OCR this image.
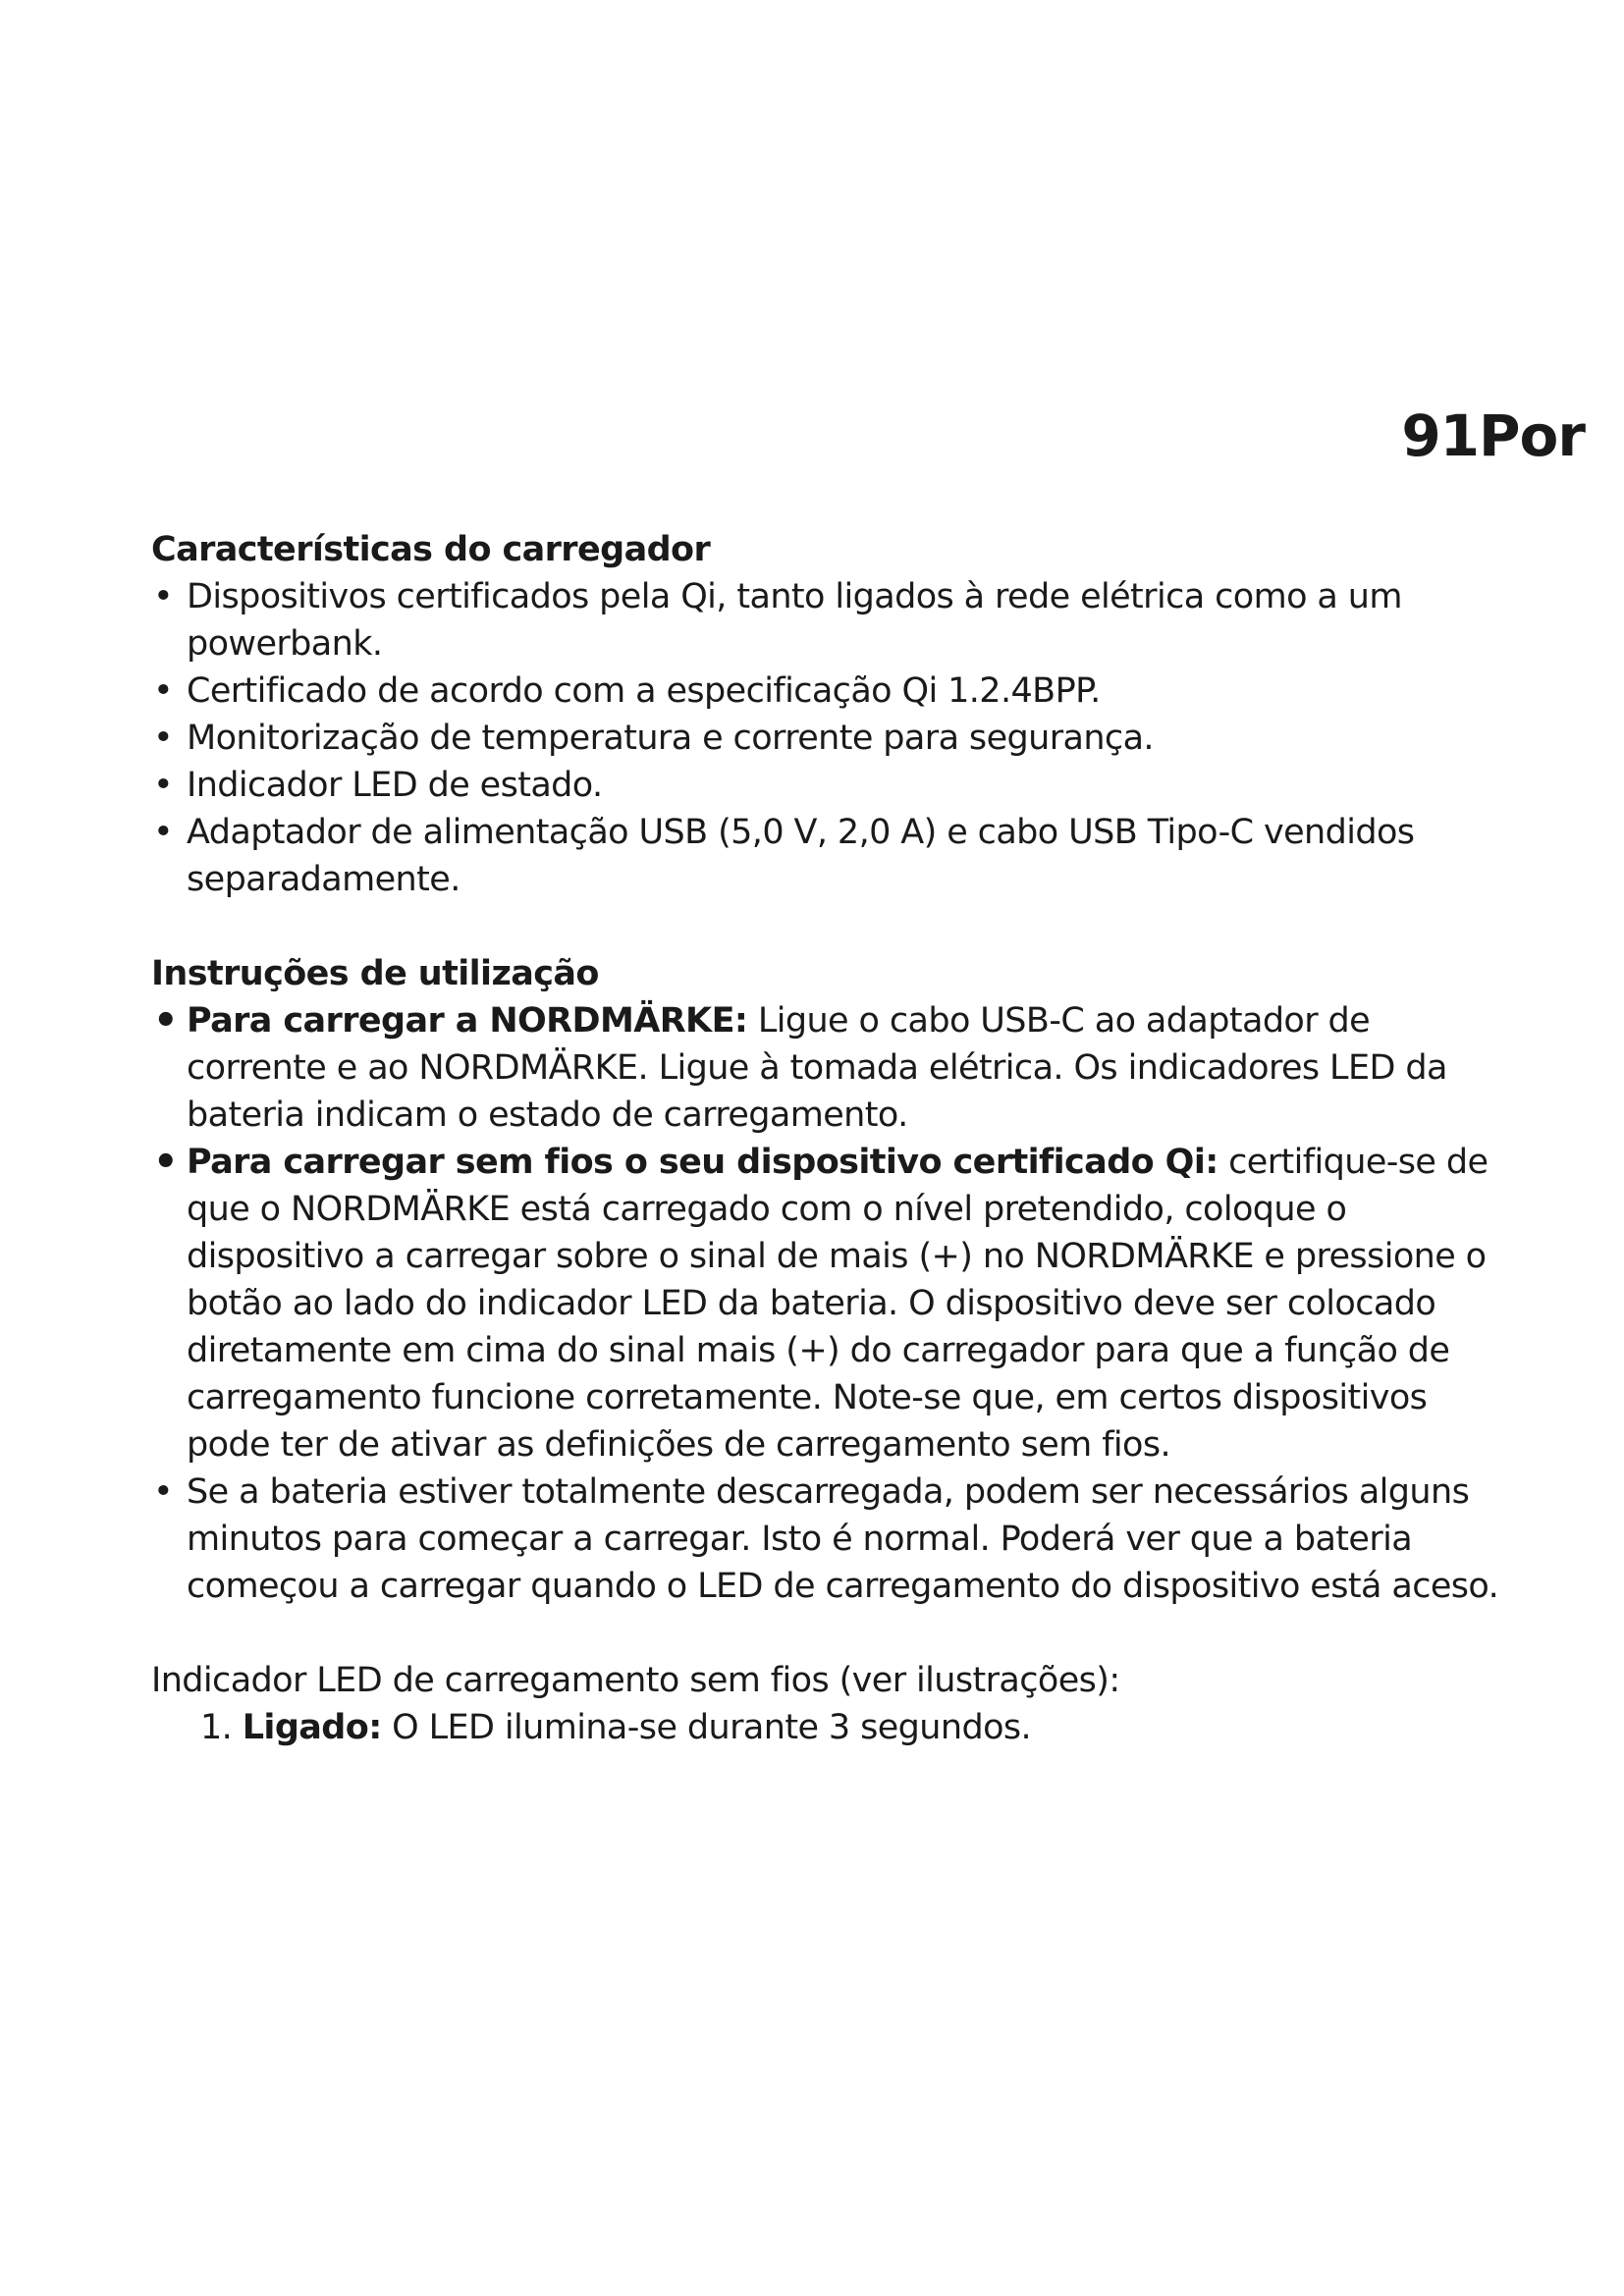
91Por

Características do carregador

• Dispositivos certificados pela Qi, tanto ligados à rede elétrica como a um powerbank.
• Certificado de acordo com a especificação Qi 1.2.4BPP.
• Monitorização de temperatura e corrente para segurança.
• Indicador LED de estado.
• Adaptador de alimentação USB (5,0 V, 2,0 A) e cabo USB Tipo-C vendidos separadamente.

Instruções de utilização

• Para carregar a NORDMÄRKE: Ligue o cabo USB-C ao adaptador de corrente e ao NORDMÄRKE. Ligue à tomada elétrica. Os indicadores LED da bateria indicam o estado de carregamento.
• Para carregar sem fios o seu dispositivo certificado Qi: certifique-se de que o NORDMÄRKE está carregado com o nível pretendido, coloque o dispositivo a carregar sobre o sinal de mais (+) no NORDMÄRKE e pressione o botão ao lado do indicador LED da bateria. O dispositivo deve ser colocado diretamente em cima do sinal mais (+) do carregador para que a função de carregamento funcione corretamente. Note-se que, em certos dispositivos pode ter de ativar as definições de carregamento sem fios.
• Se a bateria estiver totalmente descarregada, podem ser necessários alguns minutos para começar a carregar. Isto é normal. Poderá ver que a bateria começou a carregar quando o LED de carregamento do dispositivo está aceso.

Indicador LED de carregamento sem fios (ver ilustrações):

1. Ligado: O LED ilumina-se durante 3 segundos.
